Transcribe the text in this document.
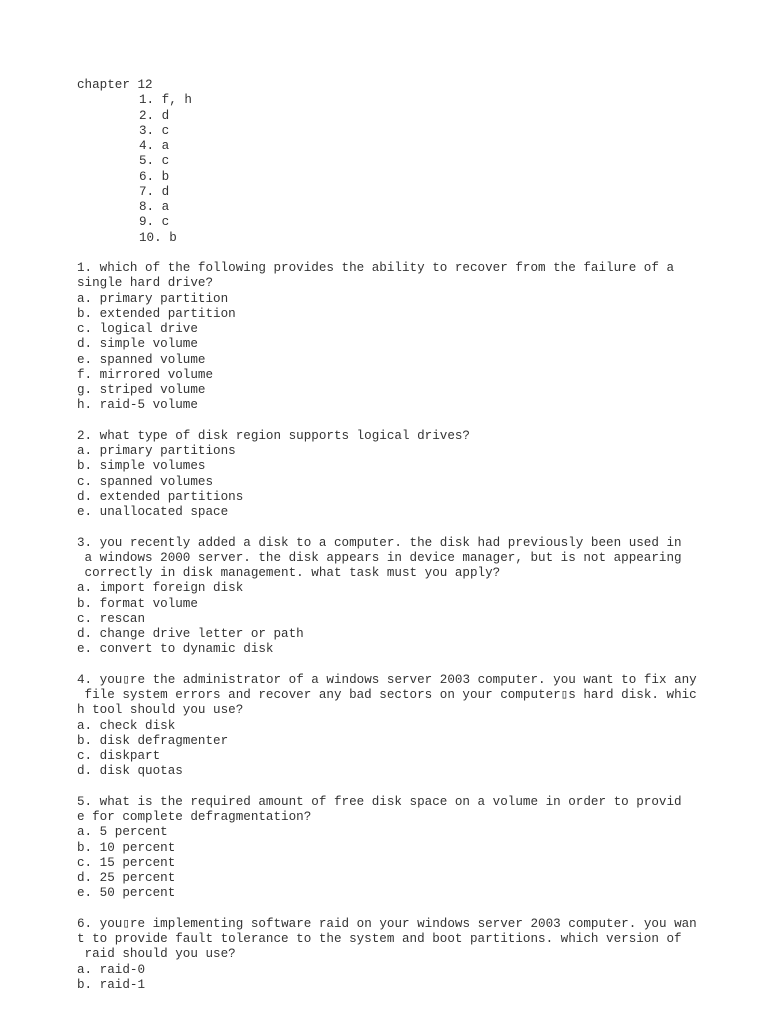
chapter 12
1. f, h
2. d
3. c
4. a
5. c
6. b
7. d
8. a
9. c
10. b
1. which of the following provides the ability to recover from the failure of a
single hard drive?
a. primary partition
b. extended partition
c. logical drive
d. simple volume
e. spanned volume
f. mirrored volume
g. striped volume
h. raid-5 volume
2. what type of disk region supports logical drives?
a. primary partitions
b. simple volumes
c. spanned volumes
d. extended partitions
e. unallocated space
3. you recently added a disk to a computer. the disk had previously been used in
a windows 2000 server. the disk appears in device manager, but is not appearing
correctly in disk management. what task must you apply?
a. import foreign disk
b. format volume
c. rescan
d. change drive letter or path
e. convert to dynamic disk
4. you▯re the administrator of a windows server 2003 computer. you want to fix any
file system errors and recover any bad sectors on your computer▯s hard disk. whic
h tool should you use?
a. check disk
b. disk defragmenter
c. diskpart
d. disk quotas
5. what is the required amount of free disk space on a volume in order to provid
e for complete defragmentation?
a. 5 percent
b. 10 percent
c. 15 percent
d. 25 percent
e. 50 percent
6. you▯re implementing software raid on your windows server 2003 computer. you wan
t to provide fault tolerance to the system and boot partitions. which version of
raid should you use?
a. raid-0
b. raid-1
